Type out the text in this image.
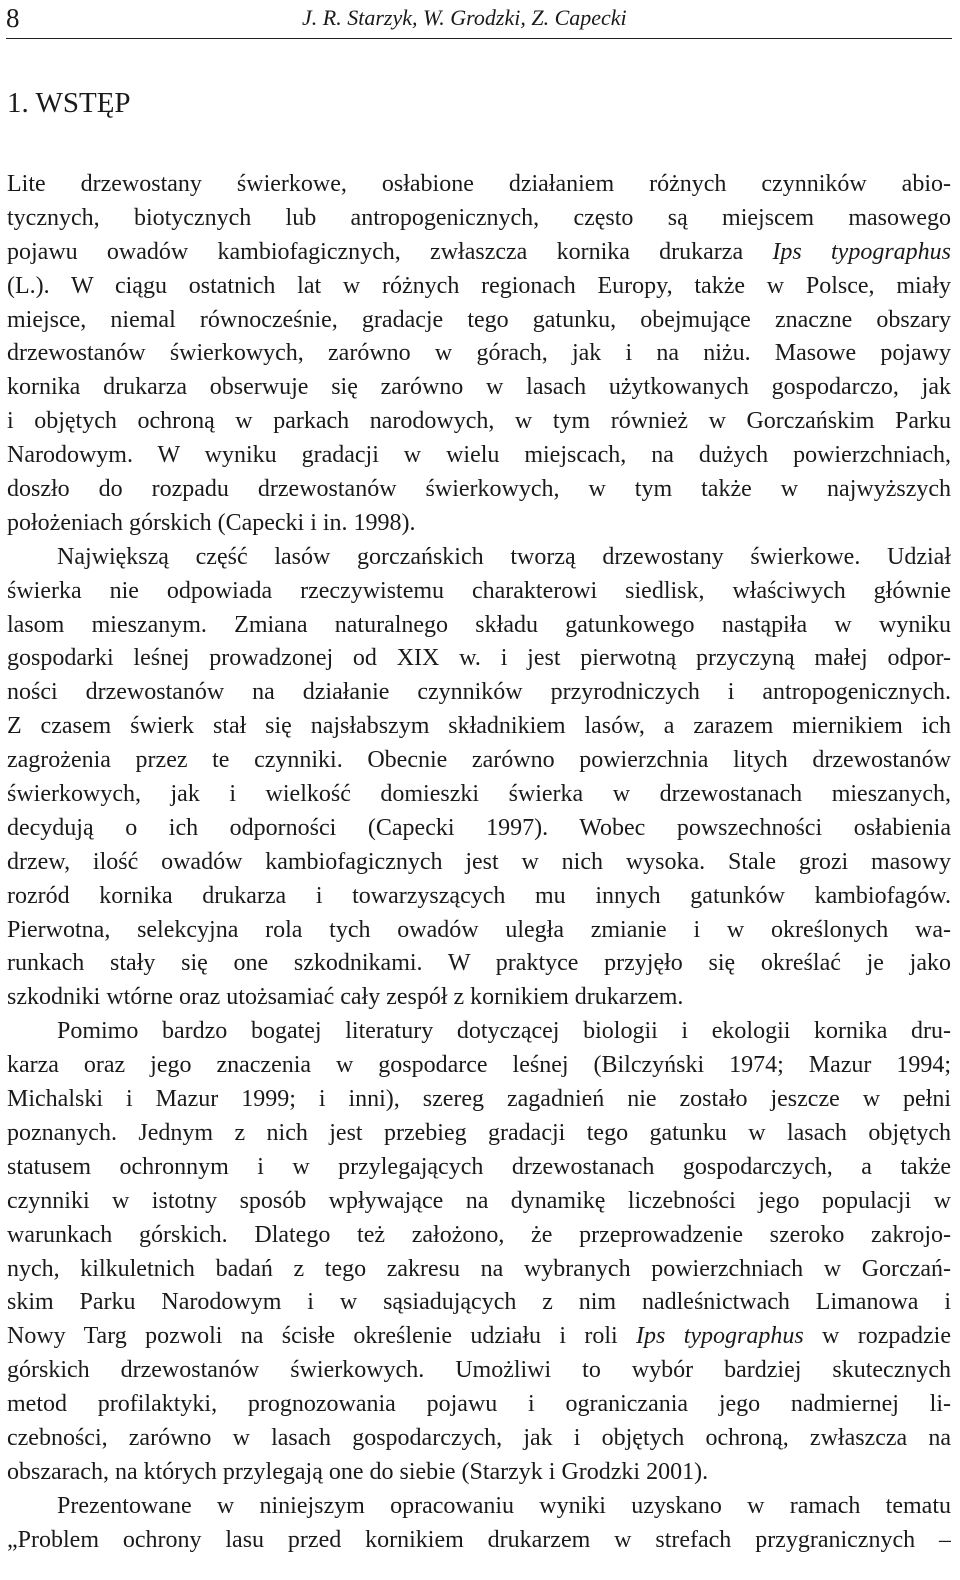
8	J. R. Starzyk, W. Grodzki, Z. Capecki
1. WSTĘP
Lite drzewostany świerkowe, osłabione działaniem różnych czynników abio-
tycznych, biotycznych lub antropogenicznych, często są miejscem masowego
pojawu owadów kambiofagicznych, zwłaszcza kornika drukarza Ips typographus
(L.). W ciągu ostatnich lat w różnych regionach Europy, także w Polsce, miały
miejsce, niemal równocześnie, gradacje tego gatunku, obejmujące znaczne obszary
drzewostanów świerkowych, zarówno w górach, jak i na niżu. Masowe pojawy
kornika drukarza obserwuje się zarówno w lasach użytkowanych gospodarczo, jak
i objętych ochroną w parkach narodowych, w tym również w Gorczańskim Parku
Narodowym. W wyniku gradacji w wielu miejscach, na dużych powierzchniach,
doszło do rozpadu drzewostanów świerkowych, w tym także w najwyższych
położeniach górskich (Capecki i in. 1998).
Największą część lasów gorczańskich tworzą drzewostany świerkowe. Udział
świerka nie odpowiada rzeczywistemu charakterowi siedlisk, właściwych głównie
lasom mieszanym. Zmiana naturalnego składu gatunkowego nastąpiła w wyniku
gospodarki leśnej prowadzonej od XIX w. i jest pierwotną przyczyną małej odpor-
ności drzewostanów na działanie czynników przyrodniczych i antropogenicznych.
Z czasem świerk stał się najsłabszym składnikiem lasów, a zarazem miernikiem ich
zagrożenia przez te czynniki. Obecnie zarówno powierzchnia litych drzewostanów
świerkowych, jak i wielkość domieszki świerka w drzewostanach mieszanych,
decydują o ich odporności (Capecki 1997). Wobec powszechności osłabienia
drzew, ilość owadów kambiofagicznych jest w nich wysoka. Stale grozi masowy
rozród kornika drukarza i towarzyszących mu innych gatunków kambiofagów.
Pierwotna, selekcyjna rola tych owadów uległa zmianie i w określonych wa-
runkach stały się one szkodnikami. W praktyce przyjęło się określać je jako
szkodniki wtórne oraz utożsamiać cały zespół z kornikiem drukarzem.
Pomimo bardzo bogatej literatury dotyczącej biologii i ekologii kornika dru-
karza oraz jego znaczenia w gospodarce leśnej (Bilczyński 1974; Mazur 1994;
Michalski i Mazur 1999; i inni), szereg zagadnień nie zostało jeszcze w pełni
poznanych. Jednym z nich jest przebieg gradacji tego gatunku w lasach objętych
statusem ochronnym i w przylegających drzewostanach gospodarczych, a także
czynniki w istotny sposób wpływające na dynamikę liczebności jego populacji w
warunkach górskich. Dlatego też założono, że przeprowadzenie szeroko zakrojo-
nych, kilkuletnich badań z tego zakresu na wybranych powierzchniach w Gorczań-
skim Parku Narodowym i w sąsiadujących z nim nadleśnictwach Limanowa i
Nowy Targ pozwoli na ścisłe określenie udziału i roli Ips typographus w rozpadzie
górskich drzewostanów świerkowych. Umożliwi to wybór bardziej skutecznych
metod profilaktyki, prognozowania pojawu i ograniczania jego nadmiernej li-
czebności, zarówno w lasach gospodarczych, jak i objętych ochroną, zwłaszcza na
obszarach, na których przylegają one do siebie (Starzyk i Grodzki 2001).
Prezentowane w niniejszym opracowaniu wyniki uzyskano w ramach tematu
„Problem ochrony lasu przed kornikiem drukarzem w strefach przygranicznych –
